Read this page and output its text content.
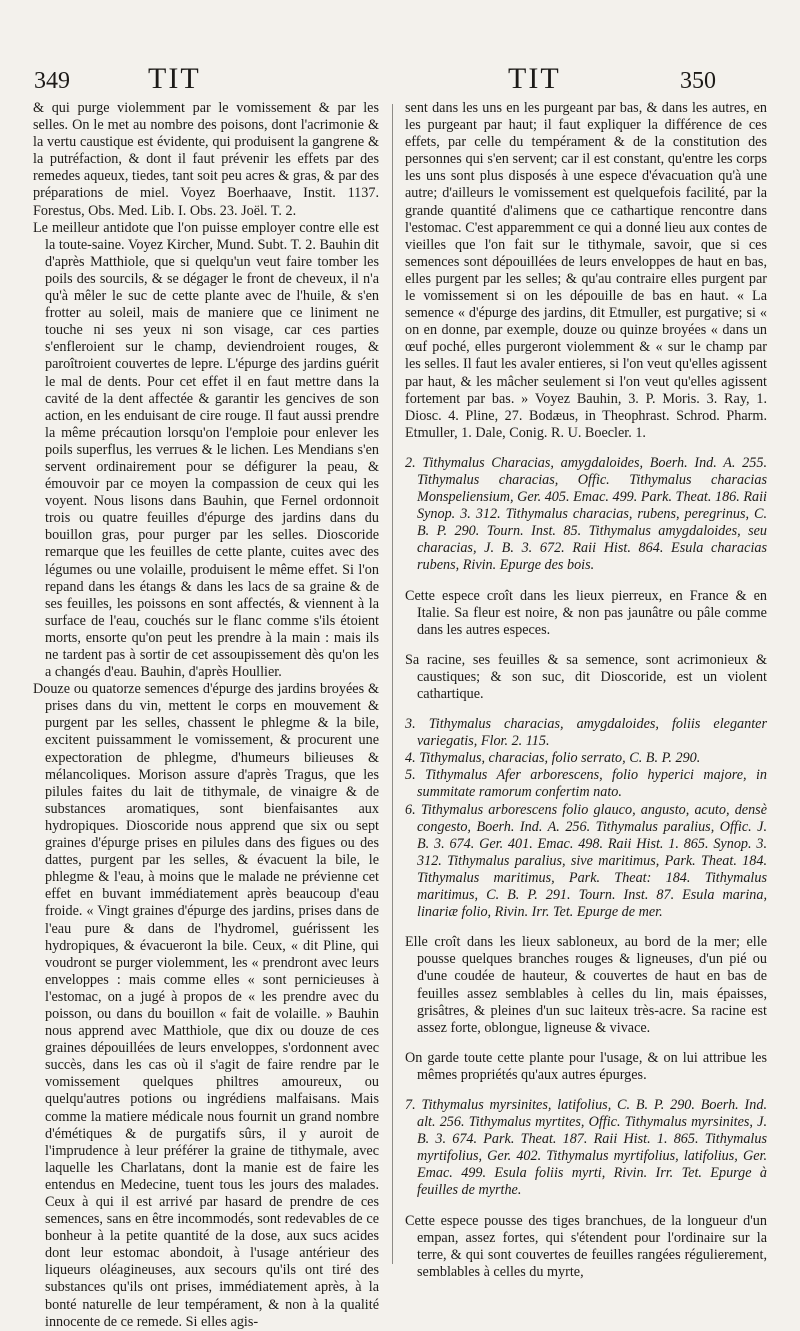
349	TIT	TIT	350

& qui purge violemment par le vomissement & par les selles. On le met au nombre des poisons, dont l'acrimonie & la vertu caustique est évidente, qui produisent la gangrene & la putréfaction, & dont il faut prévenir les effets par des remedes aqueux, tiedes, tant soit peu acres & gras, & par des préparations de miel. Voyez Boerhaave, Instit. 1137. Forestus, Obs. Med. Lib. I. Obs. 23. Joël. T. 2.

Le meilleur antidote que l'on puisse employer contre elle est la toute-saine. Voyez Kircher, Mund. Subt. T. 2. Bauhin dit d'après Matthiole, que si quelqu'un veut faire tomber les poils des sourcils, & se dégager le front de cheveux, il n'a qu'à mêler le suc de cette plante avec de l'huile, & s'en frotter au soleil, mais de maniere que ce liniment ne touche ni ses yeux ni son visage, car ces parties s'enfleroient sur le champ, deviendroient rouges, & paroîtroient couvertes de lepre. L'épurge des jardins guérit le mal de dents. Pour cet effet il en faut mettre dans la cavité de la dent affectée & garantir les gencives de son action, en les enduisant de cire rouge. Il faut aussi prendre la même précaution lorsqu'on l'emploie pour enlever les poils superflus, les verrues & le lichen. Les Mendians s'en servent ordinairement pour se défigurer la peau, & émouvoir par ce moyen la compassion de ceux qui les voyent. Nous lisons dans Bauhin, que Fernel ordonnoit trois ou quatre feuilles d'épurge des jardins dans du bouillon gras, pour purger par les selles. Dioscoride remarque que les feuilles de cette plante, cuites avec des légumes ou une volaille, produisent le même effet. Si l'on repand dans les étangs & dans les lacs de sa graine & de ses feuilles, les poissons en sont affectés, & viennent à la surface de l'eau, couchés sur le flanc comme s'ils étoient morts, ensorte qu'on peut les prendre à la main : mais ils ne tardent pas à sortir de cet assoupissement dès qu'on les a changés d'eau. Bauhin, d'après Houllier.

Douze ou quatorze semences d'épurge des jardins broyées & prises dans du vin, mettent le corps en mouvement & purgent par les selles, chassent le phlegme & la bile, excitent puissamment le vomissement, & procurent une expectoration de phlegme, d'humeurs bilieuses & mélancoliques. Morison assure d'après Tragus, que les pilules faites du lait de tithymale, de vinaigre & de substances aromatiques, sont bienfaisantes aux hydropiques. Dioscoride nous apprend que six ou sept graines d'épurge prises en pilules dans des figues ou des dattes, purgent par les selles, & évacuent la bile, le phlegme & l'eau, à moins que le malade ne prévienne cet effet en buvant immédiatement après beaucoup d'eau froide. « Vingt graines d'épurge des jardins, prises dans de l'eau pure & dans de l'hydromel, guérissent les hydropiques, & évacueront la bile. Ceux, « dit Pline, qui voudront se purger violemment, les « prendront avec leurs enveloppes : mais comme elles « sont pernicieuses à l'estomac, on a jugé à propos de « les prendre avec du poisson, ou dans du bouillon « fait de volaille. » Bauhin nous apprend avec Matthiole, que dix ou douze de ces graines dépouillées de leurs enveloppes, s'ordonnent avec succès, dans les cas où il s'agit de faire rendre par le vomissement quelques philtres amoureux, ou quelqu'autres potions ou ingrédiens malfaisans. Mais comme la matiere médicale nous fournit un grand nombre d'émétiques & de purgatifs sûrs, il y auroit de l'imprudence à leur préférer la graine de tithymale, avec laquelle les Charlatans, dont la manie est de faire les entendus en Medecine, tuent tous les jours des malades. Ceux à qui il est arrivé par hasard de prendre de ces semences, sans en être incommodés, sont redevables de ce bonheur à la petite quantité de la dose, aux sucs acides dont leur estomac abondoit, à l'usage antérieur des liqueurs oléagineuses, aux secours qu'ils ont tiré des substances qu'ils ont prises, immédiatement après, à la bonté naturelle de leur tempérament, & non à la qualité innocente de ce remede. Si elles agis-

sent dans les uns en les purgeant par bas, & dans les autres, en les purgeant par haut; il faut expliquer la différence de ces effets, par celle du tempérament & de la constitution des personnes qui s'en servent; car il est constant, qu'entre les corps les uns sont plus disposés à une espece d'évacuation qu'à une autre; d'ailleurs le vomissement est quelquefois facilité, par la grande quantité d'alimens que ce cathartique rencontre dans l'estomac. C'est apparemment ce qui a donné lieu aux contes de vieilles que l'on fait sur le tithymale, savoir, que si ces semences sont dépouillées de leurs enveloppes de haut en bas, elles purgent par les selles; & qu'au contraire elles purgent par le vomissement si on les dépouille de bas en haut. « La semence « d'épurge des jardins, dit Etmuller, est purgative; si « on en donne, par exemple, douze ou quinze broyées « dans un œuf poché, elles purgeront violemment & « sur le champ par les selles. Il faut les avaler entieres, si l'on veut qu'elles agissent par haut, & les mâcher seulement si l'on veut qu'elles agissent fortement par bas. » Voyez Bauhin, 3. P. Moris. 3. Ray, 1. Diosc. 4. Pline, 27. Bodæus, in Theophrast. Schrod. Pharm. Etmuller, 1. Dale, Conig. R. U. Boecler. 1.

2. Tithymalus Characias, amygdaloides, Boerh. Ind. A. 255. Tithymalus characias, Offic. Tithymalus characias Monspeliensium, Ger. 405. Emac. 499. Park. Theat. 186. Raii Synop. 3. 312. Tithymalus characias, rubens, peregrinus, C. B. P. 290. Tourn. Inst. 85. Tithymalus amygdaloides, seu characias, J. B. 3. 672. Raii Hist. 864. Esula characias rubens, Rivin. Epurge des bois.

Cette espece croît dans les lieux pierreux, en France & en Italie. Sa fleur est noire, & non pas jaunâtre ou pâle comme dans les autres especes.

Sa racine, ses feuilles & sa semence, sont acrimonieux & caustiques; & son suc, dit Dioscoride, est un violent cathartique.

3. Tithymalus characias, amygdaloides, foliis eleganter variegatis, Flor. 2. 115.

4. Tithymalus, characias, folio serrato, C. B. P. 290.

5. Tithymalus Afer arborescens, folio hyperici majore, in summitate ramorum confertim nato.

6. Tithymalus arborescens folio glauco, angusto, acuto, densè congesto, Boerh. Ind. A. 256. Tithymalus paralius, Offic. J. B. 3. 674. Ger. 401. Emac. 498. Raii Hist. 1. 865. Synop. 3. 312. Tithymalus paralius, sive maritimus, Park. Theat. 184. Tithymalus maritimus, Park. Theat: 184. Tithymalus maritimus, C. B. P. 291. Tourn. Inst. 87. Esula marina, linariæ folio, Rivin. Irr. Tet. Epurge de mer.

Elle croît dans les lieux sabloneux, au bord de la mer; elle pousse quelques branches rouges & ligneuses, d'un pié ou d'une coudée de hauteur, & couvertes de haut en bas de feuilles assez semblables à celles du lin, mais épaisses, grisâtres, & pleines d'un suc laiteux très-acre. Sa racine est assez forte, oblongue, ligneuse & vivace.

On garde toute cette plante pour l'usage, & on lui attribue les mêmes propriétés qu'aux autres épurges.

7. Tithymalus myrsinites, latifolius, C. B. P. 290. Boerh. Ind. alt. 256. Tithymalus myrtites, Offic. Tithymalus myrsinites, J. B. 3. 674. Park. Theat. 187. Raii Hist. 1. 865. Tithymalus myrtifolius, Ger. 402. Tithymalus myrtifolius, latifolius, Ger. Emac. 499. Esula foliis myrti, Rivin. Irr. Tet. Epurge à feuilles de myrthe.

Cette espece pousse des tiges branchues, de la longueur d'un empan, assez fortes, qui s'étendent pour l'ordinaire sur la terre, & qui sont couvertes de feuilles rangées régulierement, semblables à celles du myrte,
